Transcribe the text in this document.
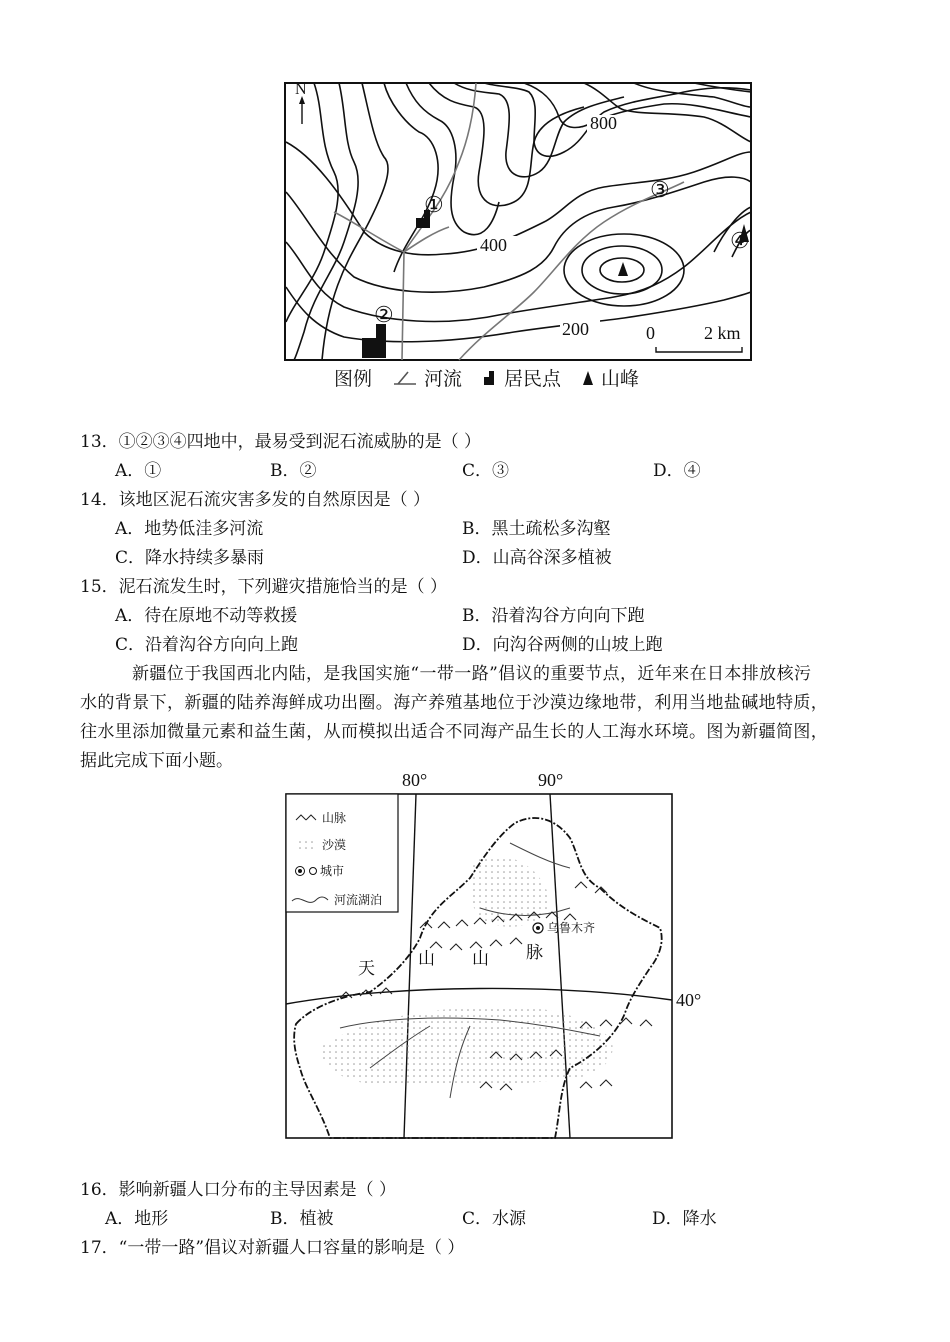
N
800
400
200
①
②
③
④
0	2 km
图例	河流 居民点 山峰
13．①②③④四地中，最易受到泥石流威胁的是（ ）
A．①	B．②	C．③	D．④
14．该地区泥石流灾害多发的自然原因是（ ）
A．地势低洼多河流	B．黑土疏松多沟壑
C．降水持续多暴雨	D．山高谷深多植被
15．泥石流发生时，下列避灾措施恰当的是（ ）
A．待在原地不动等救援	B．沿着沟谷方向向下跑
C．沿着沟谷方向向上跑	D．向沟谷两侧的山坡上跑
新疆位于我国西北内陆，是我国实施“一带一路”倡议的重要节点，近年来在日本排放核污
水的背景下，新疆的陆养海鲜成功出圈。海产养殖基地位于沙漠边缘地带，利用当地盐碱地特质，
往水里添加微量元素和益生菌，从而模拟出适合不同海产品生长的人工海水环境。图为新疆简图，
据此完成下面小题。
80°	90°
40°
山脉
沙漠
城市
河流湖泊
乌鲁木齐
天
山 山 脉
16．影响新疆人口分布的主导因素是（ ）
A．地形	B．植被	C．水源	D．降水
17．“一带一路”倡议对新疆人口容量的影响是（ ）
